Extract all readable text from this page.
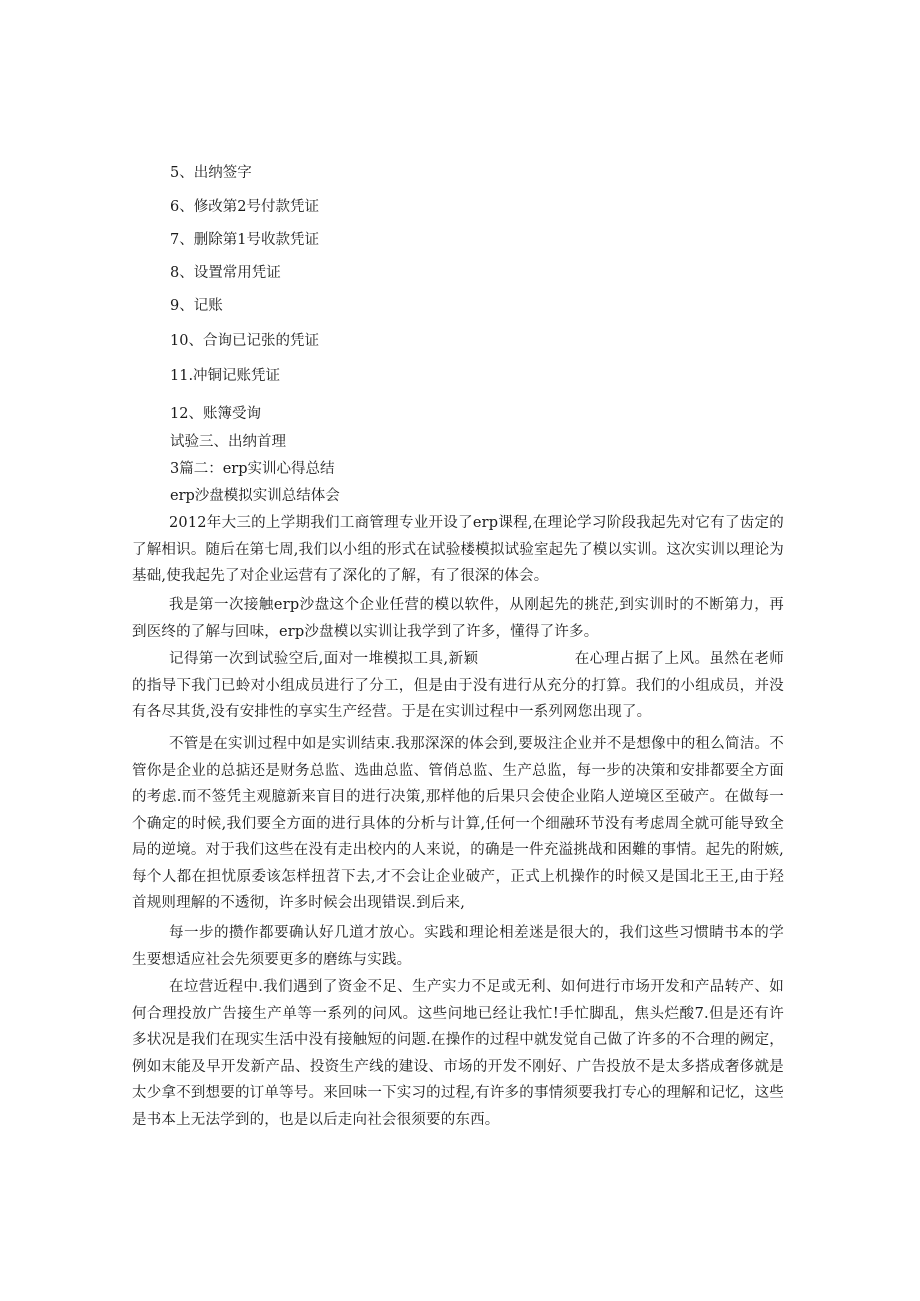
5、出纳签字
6、修改第2号付款凭证
7、删除第1号收款凭证
8、设置常用凭证
9、记账
10、合询已记张的凭证
11.冲铜记账凭证
12、账簿受询
试验三、出纳首理
3篇二：erp实训心得总结
erp沙盘模拟实训总结体会
2012年大三的上学期我们工商管理专业开设了erp课程,在理论学习阶段我起先对它有了齿定的了解相识。随后在第七周,我们以小组的形式在试验楼模拟试验室起先了模以实训。这次实训以理论为基础,使我起先了对企业运营有了深化的了解，有了很深的体会。
我是第一次接触erp沙盘这个企业任营的模以软件，从刚起先的挑茫,到实训时的不断第力，再到医终的了解与回味，erp沙盘模以实训让我学到了许多，懂得了许多。
记得第一次到试验空后,面对一堆模拟工具,新颖	在心理占据了上风。虽然在老师的指导下我门已蛉对小组成员进行了分工，但是由于没有进行从充分的打算。我们的小组成员，并没有各尽其货,没有安排性的享实生产经营。于是在实训过程中一系列网您出现了。
不管是在实训过程中如是实训结束.我那深深的体会到,要圾注企业并不是想像中的租么简洁。不管你是企业的总掂还是财务总监、选曲总监、管俏总监、生产总监，每一步的决策和安排都要全方面的考虑.而不签凭主观臆新来盲目的进行决策,那样他的后果只会使企业陷人逆境区至破产。在做每一个确定的时候,我们要全方面的进行具体的分析与计算,任何一个细融环节没有考虑周全就可能导致全局的逆境。对于我们这些在没有走出校内的人来说，的确是一件充溢挑战和困難的事情。起先的附嫉,每个人都在担忧原委该怎样扭苕下去,才不会让企业破产，正式上机操作的时候又是国北王王,由于羟首规则理解的不透彻，许多时候会出现错误.到后来,
每一步的攒作都要确认好几道才放心。实践和理论相差迷是很大的，我们这些习惯睛书本的学生要想适应社会先须要更多的磨练与实践。
在垃营近程中.我们遇到了资金不足、生产实力不足或无利、如何进行市场开发和产品转产、如何合理投放广告接生产单等一系列的问风。这些问地已经让我忙!手忙脚乱，焦头烂酸7.但是还有许多状况是我们在现实生活中没有接触短的问题.在操作的过程中就发觉自己做了许多的不合理的阙定，例如末能及早开发新产品、投资生产线的建设、市场的开发不刚好、广告投放不是太多搭成奢侈就是太少拿不到想要的订单等号。来回味一下实习的过程,有许多的事情须要我打专心的理解和记忆，这些是书本上无法学到的，也是以后走向社会很须要的东西。
